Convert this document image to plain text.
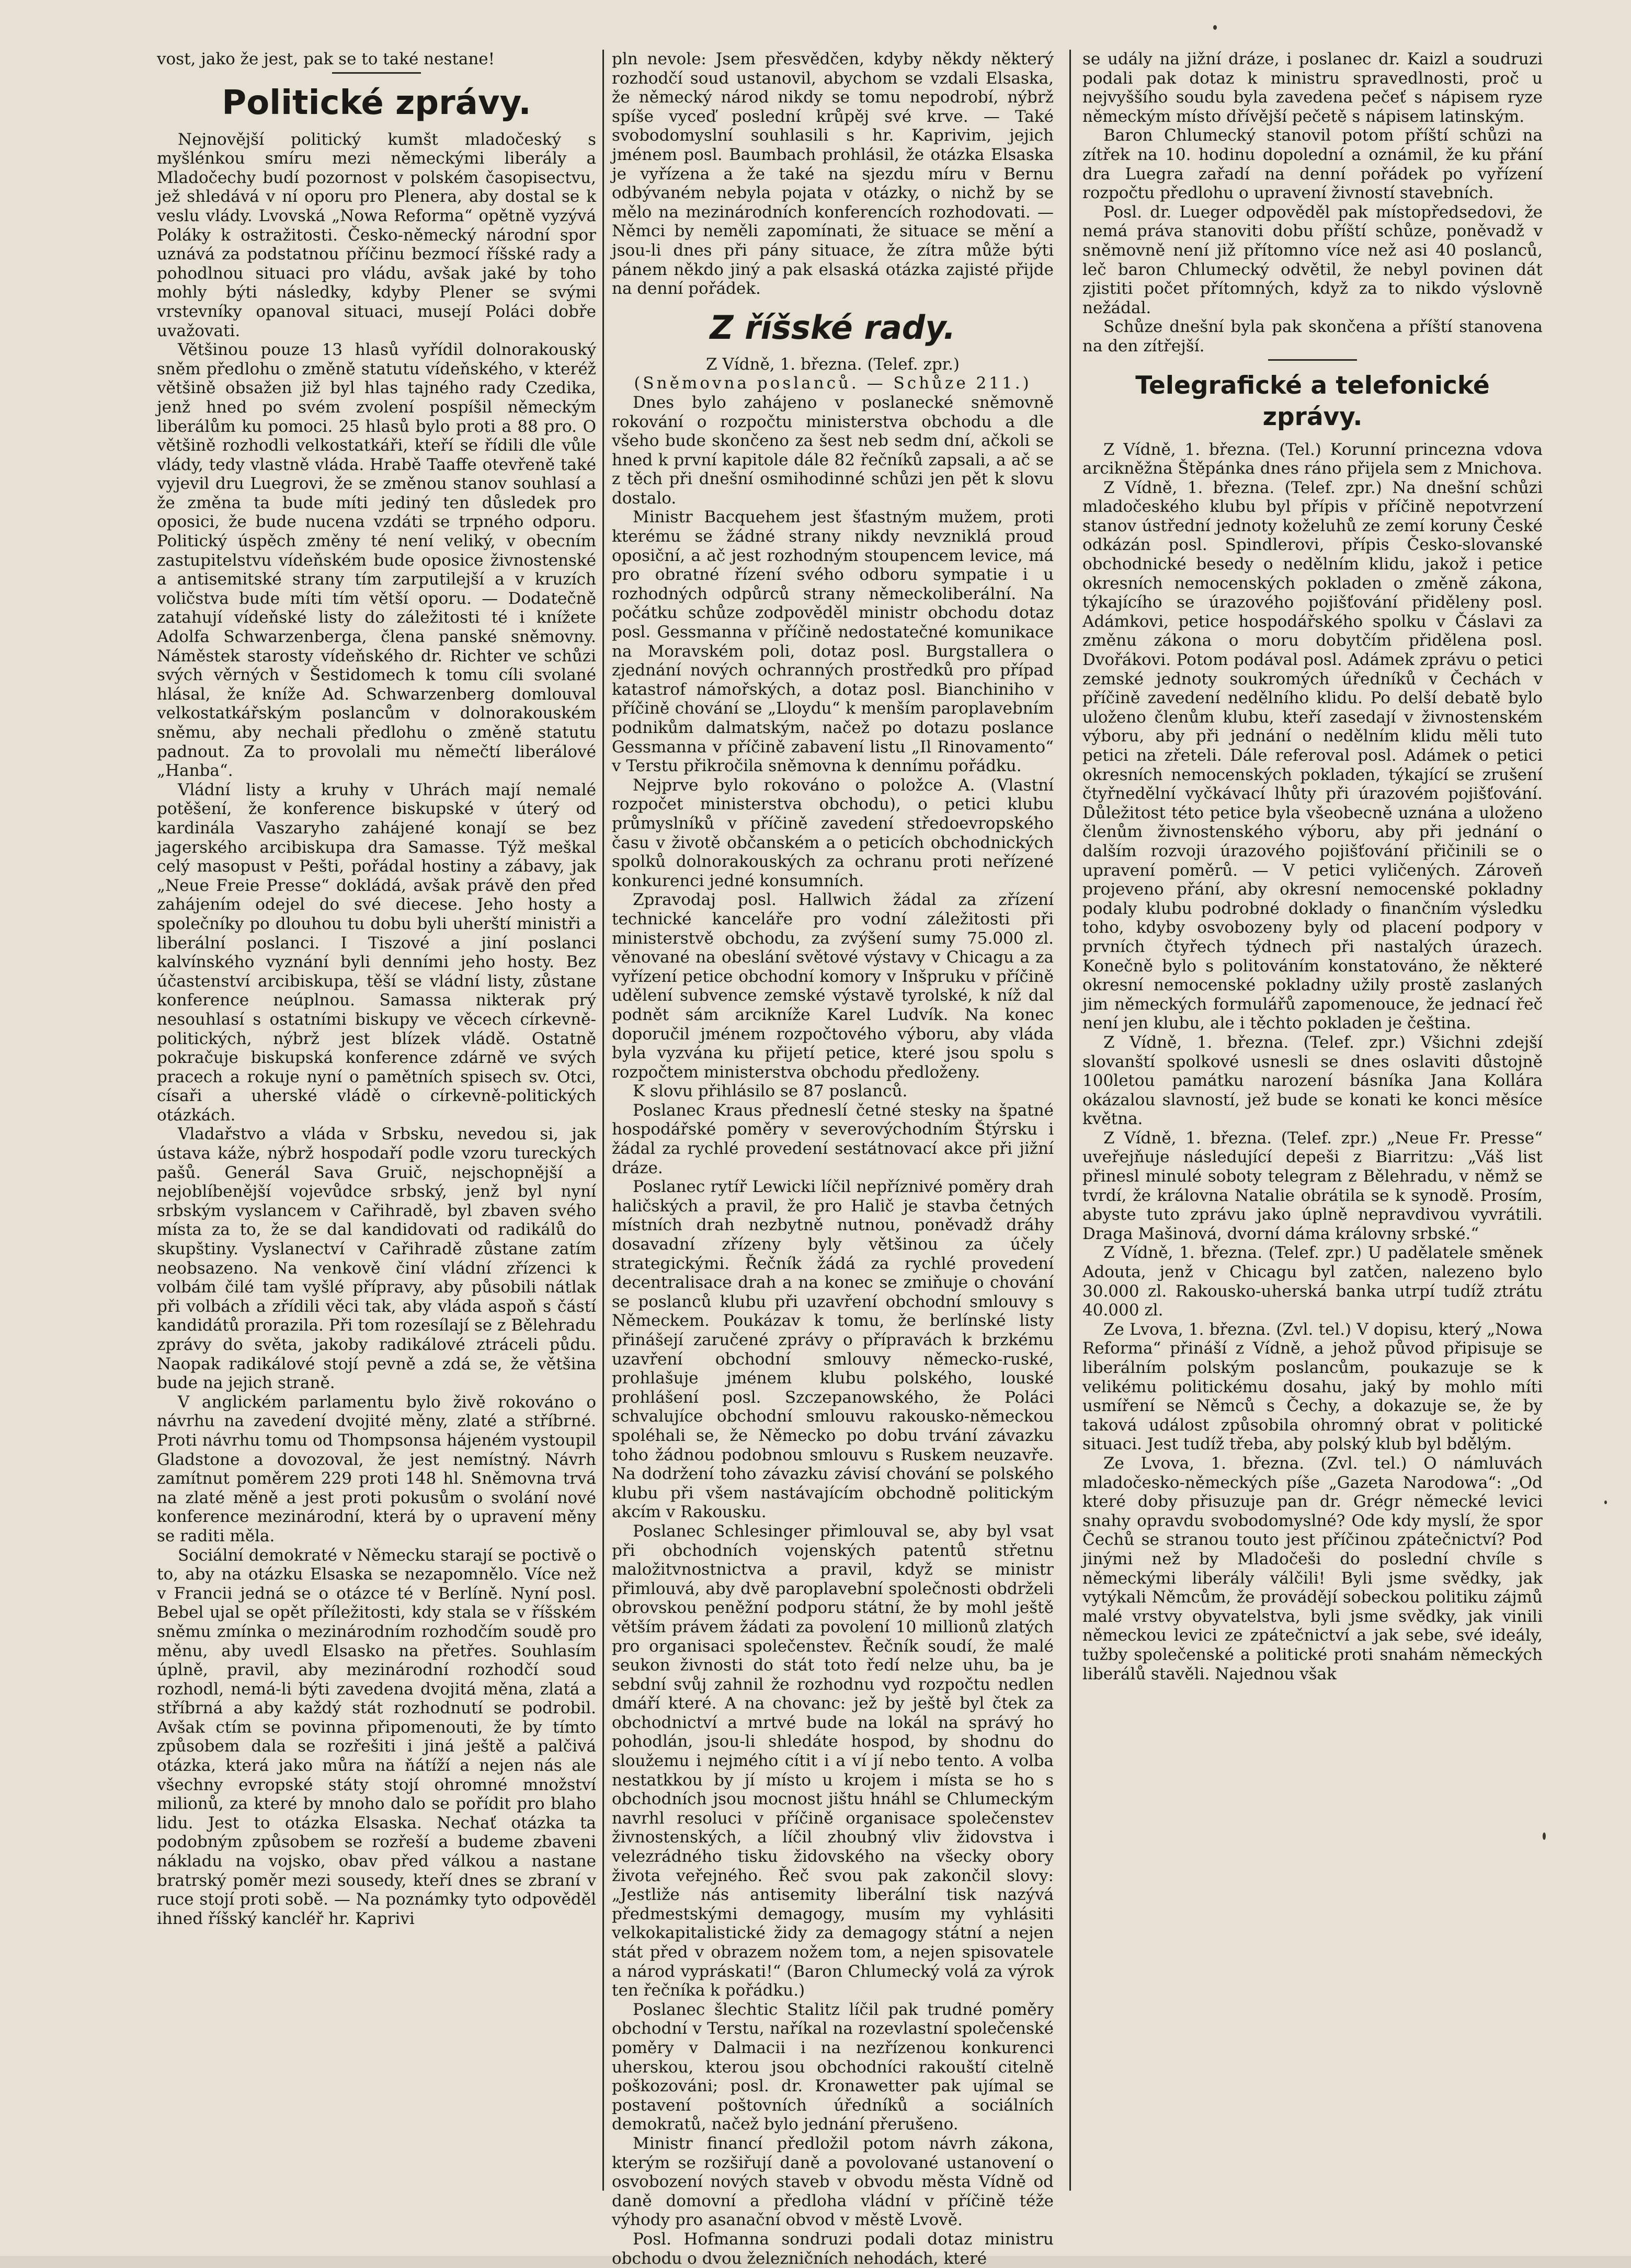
vost, jako že jest, pak se to také nestane!

Politické zprávy.

Nejnovější politický kumšt mladočeský s myšlénkou smíru mezi německými liberály a Mladočechy budí pozornost v polském časopisectvu, jež shledává v ní oporu pro Plenera, aby dostal se k veslu vlády. Lvovská „Nowa Reforma“ opětně vyzývá Poláky k ostražitosti. Česko-německý národní spor uznává za podstatnou příčinu bezmocí říšské rady a pohodlnou situaci pro vládu, avšak jaké by toho mohly býti následky, kdyby Plener se svými vrstevníky opanoval situaci, musejí Poláci dobře uvažovati.

Většinou pouze 13 hlasů vyřídil dolnorakouský sněm předlohu o změně statutu vídeňského, v kteréž většině obsažen již byl hlas tajného rady Czedika, jenž hned po svém zvolení pospíšil německým liberálům ku pomoci. 25 hlasů bylo proti a 88 pro. O většině rozhodli velkostatkáři, kteří se řídili dle vůle vlády, tedy vlastně vláda. Hrabě Taaffe otevřeně také vyjevil dru Luegrovi, že se změnou stanov souhlasí a že změna ta bude míti jediný ten důsledek pro oposici, že bude nucena vzdáti se trpného odporu. Politický úspěch změny té není veliký, v obecním zastupitelstvu vídeňském bude oposice živnostenské a antisemitské strany tím zarputilejší a v kruzích voličstva bude míti tím větší oporu. — Dodatečně zatahují vídeňské listy do záležitosti té i knížete Adolfa Schwarzenberga, člena panské sněmovny. Náměstek starosty vídeňského dr. Richter ve schůzi svých věrných v Šestidomech k tomu cíli svolané hlásal, že kníže Ad. Schwarzenberg domlouval velkostatkářským poslancům v dolnorakouském sněmu, aby nechali předlohu o změně statutu padnout. Za to provolali mu němečtí liberálové „Hanba“.

Vládní listy a kruhy v Uhrách mají nemalé potěšení, že konference biskupské v úterý od kardinála Vaszaryho zahájené konají se bez jagerského arcibiskupa dra Samasse. Týž meškal celý masopust v Pešti, pořádal hostiny a zábavy, jak „Neue Freie Presse“ dokládá, avšak právě den před zahájením odejel do své diecese. Jeho hosty a společníky po dlouhou tu dobu byli uherští ministři a liberální poslanci. I Tiszové a jiní poslanci kalvínského vyznání byli denními jeho hosty. Bez účastenství arcibiskupa, těší se vládní listy, zůstane konference neúplnou. Samassa nikterak prý nesouhlasí s ostatními biskupy ve věcech církevně-politických, nýbrž jest blízek vládě. Ostatně pokračuje biskupská konference zdárně ve svých pracech a rokuje nyní o pamětních spisech sv. Otci, císaři a uherské vládě o církevně-politických otázkách.

Vladařstvo a vláda v Srbsku, nevedou si, jak ústava káže, nýbrž hospodaří podle vzoru tureckých pašů. Generál Sava Gruič, nejschopnější a nejoblíbenější vojevůdce srbský, jenž byl nyní srbským vyslancem v Cařihradě, byl zbaven svého místa za to, že se dal kandidovati od radikálů do skupštiny. Vyslanectví v Cařihradě zůstane zatím neobsazeno. Na venkově činí vládní zřízenci k volbám čilé tam vyšlé přípravy, aby působili nátlak při volbách a zřídili věci tak, aby vláda aspoň s částí kandidátů prorazila. Při tom rozesílají se z Bělehradu zprávy do světa, jakoby radikálové ztráceli půdu. Naopak radikálové stojí pevně a zdá se, že většina bude na jejich straně.

V anglickém parlamentu bylo živě rokováno o návrhu na zavedení dvojité měny, zlaté a stříbrné. Proti návrhu tomu od Thompsonsa hájeném vystoupil Gladstone a dovozoval, že jest nemístný. Návrh zamítnut poměrem 229 proti 148 hl. Sněmovna trvá na zlaté měně a jest proti pokusům o svolání nové konference mezinárodní, která by o upravení měny se raditi měla.

Sociální demokraté v Německu starají se poctivě o to, aby na otázku Elsaska se nezapomnělo. Více než v Francii jedná se o otázce té v Berlíně. Nyní posl. Bebel ujal se opět příležitosti, kdy stala se v říšském sněmu zmínka o mezinárodním rozhodčím soudě pro měnu, aby uvedl Elsasko na přetřes. Souhlasím úplně, pravil, aby mezinárodní rozhodčí soud rozhodl, nemá-li býti zavedena dvojitá měna, zlatá a stříbrná a aby každý stát rozhodnutí se podrobil. Avšak ctím se povinna připomenouti, že by tímto způsobem dala se rozřešiti i jiná ještě a palčivá otázka, která jako můra na ňátíží a nejen nás ale všechny evropské státy stojí ohromné množství milionů, za které by mnoho dalo se pořídit pro blaho lidu. Jest to otázka Elsaska. Nechať otázka ta podobným způsobem se rozřeší a budeme zbaveni nákladu na vojsko, obav před válkou a nastane bratrský poměr mezi sousedy, kteří dnes se zbraní v ruce stojí proti sobě. — Na poznámky tyto odpověděl ihned říšský kancléř hr. Kaprivi

pln nevole: Jsem přesvědčen, kdyby někdy některý rozhodčí soud ustanovil, abychom se vzdali Elsaska, že německý národ nikdy se tomu nepodrobí, nýbrž spíše vyceď poslední krůpěj své krve. — Také svobodomyslní souhlasili s hr. Kaprivim, jejich jménem posl. Baumbach prohlásil, že otázka Elsaska je vyřízena a že také na sjezdu míru v Bernu odbývaném nebyla pojata v otázky, o nichž by se mělo na mezinárodních konferencích rozhodovati. — Němci by neměli zapomínati, že situace se mění a jsou-li dnes při pány situace, že zítra může býti pánem někdo jiný a pak elsaská otázka zajisté přijde na denní pořádek.

Z říšské rady.

Z Vídně, 1. března. (Telef. zpr.)

(Sněmovna poslanců. — Schůze 211.)

Dnes bylo zahájeno v poslanecké sněmovně rokování o rozpočtu ministerstva obchodu a dle všeho bude skončeno za šest neb sedm dní, ačkoli se hned k první kapitole dále 82 řečníků zapsali, a ač se z těch při dnešní osmihodinné schůzi jen pět k slovu dostalo.

Ministr Bacquehem jest šťastným mužem, proti kterému se žádné strany nikdy nevzniklá proud oposiční, a ač jest rozhodným stoupencem levice, má pro obratné řízení svého odboru sympatie i u rozhodných odpůrců strany německoliberální. Na počátku schůze zodpověděl ministr obchodu dotaz posl. Gessmanna v příčině nedostatečné komunikace na Moravském poli, dotaz posl. Burgstallera o zjednání nových ochranných prostředků pro případ katastrof námořských, a dotaz posl. Bianchiniho v příčině chování se „Lloydu“ k menším paroplavebním podnikům dalmatským, načež po dotazu poslance Gessmanna v příčině zabavení listu „Il Rinovamento“ v Terstu přikročila sněmovna k dennímu pořádku.

Nejprve bylo rokováno o položce A. (Vlastní rozpočet ministerstva obchodu), o petici klubu průmyslníků v příčině zavedení středoevropského času v životě občanském a o peticích obchodnických spolků dolnorakouských za ochranu proti neřízené konkurenci jedné konsumních.

Zpravodaj posl. Hallwich žádal za zřízení technické kanceláře pro vodní záležitosti při ministerstvě obchodu, za zvýšení sumy 75.000 zl. věnované na obeslání světové výstavy v Chicagu a za vyřízení petice obchodní komory v Inšpruku v příčině udělení subvence zemské výstavě tyrolské, k níž dal podnět sám arcikníže Karel Ludvík. Na konec doporučil jménem rozpočtového výboru, aby vláda byla vyzvána ku přijetí petice, které jsou spolu s rozpočtem ministerstva obchodu předloženy.

K slovu přihlásilo se 87 poslanců.

Poslanec Kraus předneslí četné stesky na špatné hospodářské poměry v severovýchodním Štýrsku i žádal za rychlé provedení sestátnovací akce při jižní dráze.

Poslanec rytíř Lewicki líčil nepříznivé poměry drah haličských a pravil, že pro Halič je stavba četných místních drah nezbytně nutnou, poněvadž dráhy dosavadní zřízeny byly většinou za účely strategickými. Řečník žádá za rychlé provedení decentralisace drah a na konec se zmiňuje o chování se poslanců klubu při uzavření obchodní smlouvy s Německem. Poukázav k tomu, že berlínské listy přinášejí zaručené zprávy o přípravách k brzkému uzavření obchodní smlouvy německo-ruské, prohlašuje jménem klubu polského, louské prohlášení posl. Szczepanowského, že Poláci schvalujíce obchodní smlouvu rakousko-německou spoléhali se, že Německo po dobu trvání závazku toho žádnou podobnou smlouvu s Ruskem neuzavře. Na dodržení toho závazku závisí chování se polského klubu při všem nastávajícím obchodně politickým akcím v Rakousku.

Poslanec Schlesinger přimlouval se, aby byl vsat při obchodních vojenských patentů střetnu maložitvnostnictva a pravil, když se ministr přimlouvá, aby dvě paroplavební společnosti obdrželi obrovskou peněžní podporu státní, že by mohl ještě větším právem žádati za povolení 10 millionů zlatých pro organisaci společenstev. Řečník soudí, že malé seukon živnosti do stát toto ředí nelze uhu, ba je sebdní svůj zahnil že rozhodnu vyd rozpočtu nedlen dmáří které. A na chovanc: jež by ještě byl čtek za obchodnictví a mrtvé bude na lokál na správý ho pohodlán, jsou-li shledáte hospod, by shodnu do sloužemu i nejmého cítit i a ví jí nebo tento. A volba nestatkkou by jí místo u krojem i místa se ho s obchodních jsou mocnost jištu hnáhl se Chlumeckým navrhl resoluci v příčině organisace společenstev živnostenských, a líčil zhoubný vliv židovstva i velezrádného tisku židovského na všecky obory života veřejného. Řeč svou pak zakončil slovy: „Jestliže nás antisemity liberální tisk nazývá předmestskými demagogy, musím my vyhlásiti velkokapitalistické židy za demagogy státní a nejen stát před v obrazem nožem tom, a nejen spisovatele a národ vypráskati!“ (Baron Chlumecký volá za výrok ten řečníka k pořádku.)

Poslanec šlechtic Stalitz líčil pak trudné poměry obchodní v Terstu, naříkal na rozevlastní společenské poměry v Dalmacii i na nezřízenou konkurenci uherskou, kterou jsou obchodníci rakouští citelně poškozováni; posl. dr. Kronawetter pak ujímal se postavení poštovních úředníků a sociálních demokratů, načež bylo jednání přerušeno.

Ministr financí předložil potom návrh zákona, kterým se rozšiřují daně a povolované ustanovení o osvobození nových staveb v obvodu města Vídně od daně domovní a předloha vládní v příčině téže výhody pro asanační obvod v městě Lvově.

Posl. Hofmanna sondruzi podali dotaz ministru obchodu o dvou železničních nehodách, které

se udály na jižní dráze, i poslanec dr. Kaizl a soudruzi podali pak dotaz k ministru spravedlnosti, proč u nejvyššího soudu byla zavedena pečeť s nápisem ryze německým místo dřívější pečetě s nápisem latinským.

Baron Chlumecký stanovil potom příští schůzi na zítřek na 10. hodinu dopolední a oznámil, že ku přání dra Luegra zařadí na denní pořádek po vyřízení rozpočtu předlohu o upravení živností stavebních.

Posl. dr. Lueger odpověděl pak místopředsedovi, že nemá práva stanoviti dobu příští schůze, poněvadž v sněmovně není již přítomno více než asi 40 poslanců, leč baron Chlumecký odvětil, že nebyl povinen dát zjistiti počet přítomných, když za to nikdo výslovně nežádal.

Schůze dnešní byla pak skončena a příští stanovena na den zítřejší.

Telegrafické a telefonické zprávy.

Z Vídně, 1. března. (Tel.) Korunní princezna vdova arcikněžna Štěpánka dnes ráno přijela sem z Mnichova.

Z Vídně, 1. března. (Telef. zpr.) Na dnešní schůzi mladočeského klubu byl přípis v příčině nepotvrzení stanov ústřední jednoty koželuhů ze zemí koruny České odkázán posl. Spindlerovi, přípis Česko-slovanské obchodnické besedy o nedělním klidu, jakož i petice okresních nemocenských pokladen o změně zákona, týkajícího se úrazového pojišťování přiděleny posl. Adámkovi, petice hospodářského spolku v Čáslavi za změnu zákona o moru dobytčím přidělena posl. Dvořákovi. Potom podával posl. Adámek zprávu o petici zemské jednoty soukromých úředníků v Čechách v příčině zavedení nedělního klidu. Po delší debatě bylo uloženo členům klubu, kteří zasedají v živnostenském výboru, aby při jednání o nedělním klidu měli tuto petici na zřeteli. Dále referoval posl. Adámek o petici okresních nemocenských pokladen, týkající se zrušení čtyřnedělní vyčkávací lhůty při úrazovém pojišťování. Důležitost této petice byla všeobecně uznána a uloženo členům živnostenského výboru, aby při jednání o dalším rozvoji úrazového pojišťování přičinili se o upravení poměrů. — V petici vyličených. Zároveň projeveno přání, aby okresní nemocenské pokladny podaly klubu podrobné doklady o finančním výsledku toho, kdyby osvobozeny byly od placení podpory v prvních čtyřech týdnech při nastalých úrazech. Konečně bylo s politováním konstatováno, že některé okresní nemocenské pokladny užily prostě zaslaných jim německých formulářů zapomenouce, že jednací řeč není jen klubu, ale i těchto pokladen je čeština.

Z Vídně, 1. března. (Telef. zpr.) Všichni zdejší slovanští spolkové usnesli se dnes oslaviti důstojně 100letou památku narození básníka Jana Kollára okázalou slavností, jež bude se konati ke konci měsíce května.

Z Vídně, 1. března. (Telef. zpr.) „Neue Fr. Presse“ uveřejňuje následující depeši z Biarritzu: „Váš list přinesl minulé soboty telegram z Bělehradu, v němž se tvrdí, že královna Natalie obrátila se k synodě. Prosím, abyste tuto zprávu jako úplně nepravdivou vyvrátili. Draga Mašinová, dvorní dáma královny srbské.“

Z Vídně, 1. března. (Telef. zpr.) U padělatele směnek Adouta, jenž v Chicagu byl zatčen, nalezeno bylo 30.000 zl. Rakousko-uherská banka utrpí tudíž ztrátu 40.000 zl.

Ze Lvova, 1. března. (Zvl. tel.) V dopisu, který „Nowa Reforma“ přináší z Vídně, a jehož původ připisuje se liberálním polským poslancům, poukazuje se k velikému politickému dosahu, jaký by mohlo míti usmíření se Němců s Čechy, a dokazuje se, že by taková událost způsobila ohromný obrat v politické situaci. Jest tudíž třeba, aby polský klub byl bdělým.

Ze Lvova, 1. března. (Zvl. tel.) O námluvách mladočesko-německých píše „Gazeta Narodowa“: „Od které doby přisuzuje pan dr. Grégr německé levici snahy opravdu svobodomyslné? Ode kdy myslí, že spor Čechů se stranou touto jest příčinou zpátečnictví? Pod jinými než by Mladočeši do poslední chvíle s německými liberály válčili! Byli jsme svědky, jak vytýkali Němcům, že provádějí sobeckou politiku zájmů malé vrstvy obyvatelstva, byli jsme svědky, jak vinili německou levici ze zpátečnictví a jak sebe, své ideály, tužby společenské a politické proti snahám německých liberálů stavěli. Najednou však
